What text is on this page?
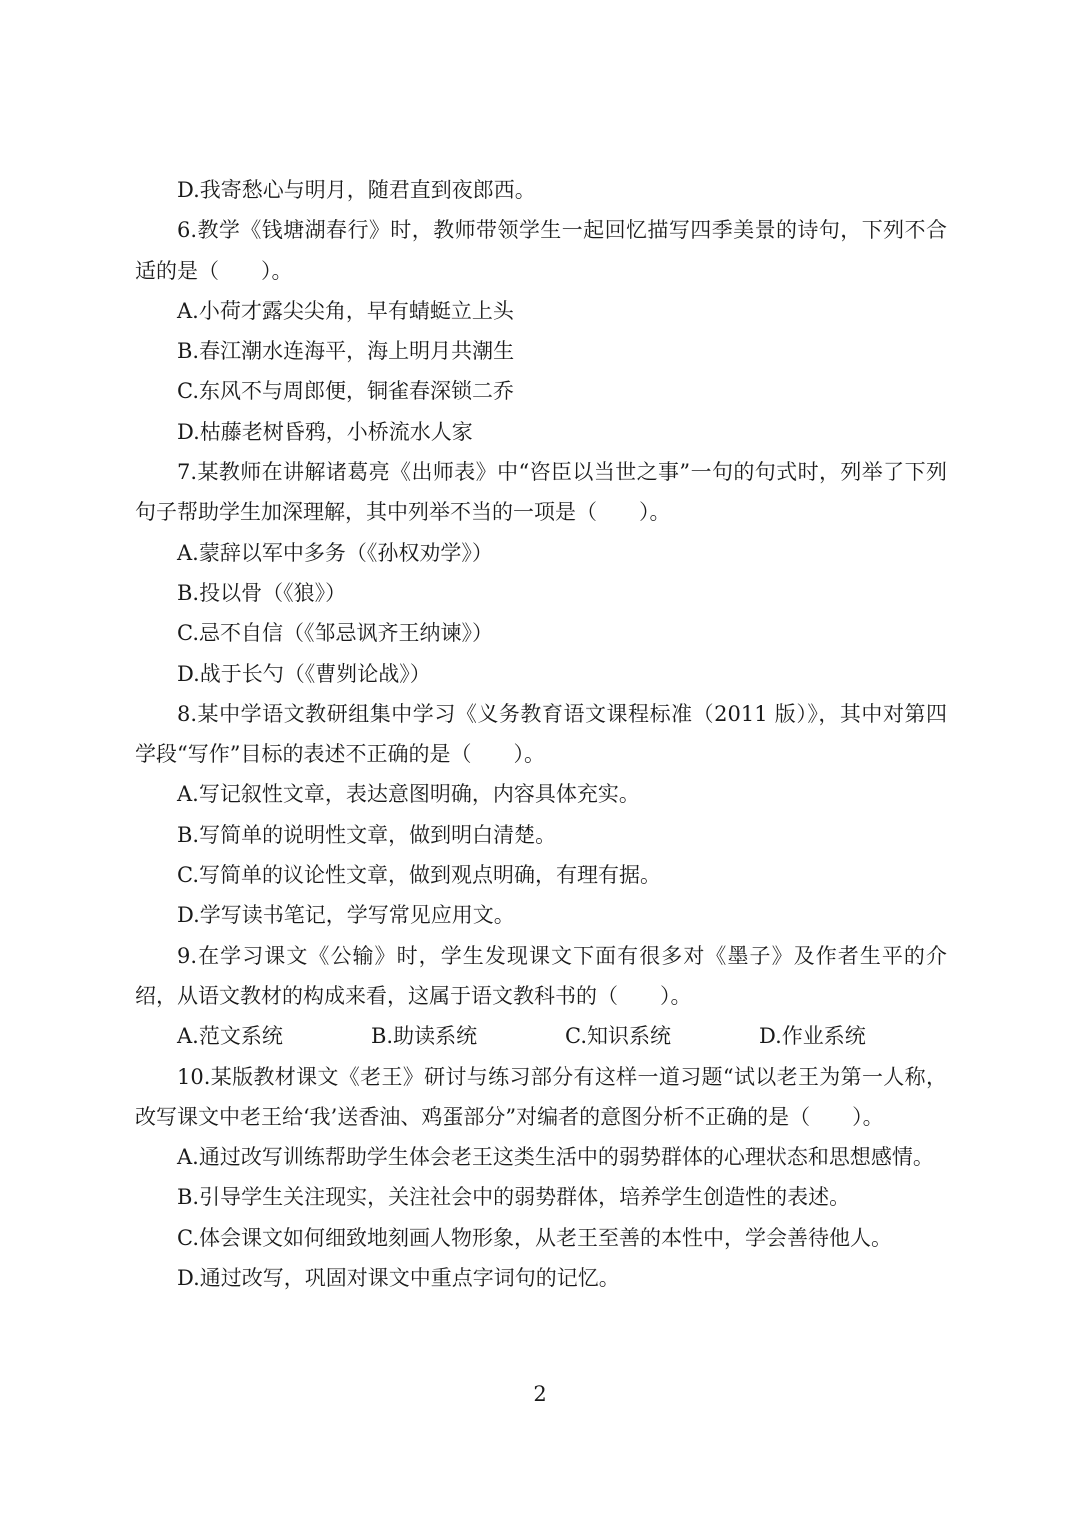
D.我寄愁心与明月，随君直到夜郎西。

6.教学《钱塘湖春行》时，教师带领学生一起回忆描写四季美景的诗句，下列不合适的是（　　）。

A.小荷才露尖尖角，早有蜻蜓立上头

B.春江潮水连海平，海上明月共潮生

C.东风不与周郎便，铜雀春深锁二乔

D.枯藤老树昏鸦，小桥流水人家

7.某教师在讲解诸葛亮《出师表》中“咨臣以当世之事”一句的句式时，列举了下列句子帮助学生加深理解，其中列举不当的一项是（　　）。

A.蒙辞以军中多务（《孙权劝学》）

B.投以骨（《狼》）

C.忌不自信（《邹忌讽齐王纳谏》）

D.战于长勺（《曹刿论战》）

8.某中学语文教研组集中学习《义务教育语文课程标准（2011 版）》，其中对第四学段“写作”目标的表述不正确的是（　　）。

A.写记叙性文章，表达意图明确，内容具体充实。

B.写简单的说明性文章，做到明白清楚。

C.写简单的议论性文章，做到观点明确，有理有据。

D.学写读书笔记，学写常见应用文。

9.在学习课文《公输》时，学生发现课文下面有很多对《墨子》及作者生平的介绍，从语文教材的构成来看，这属于语文教科书的（　　）。

A.范文系统	B.助读系统	C.知识系统	D.作业系统

10.某版教材课文《老王》研讨与练习部分有这样一道习题“试以老王为第一人称，改写课文中老王给‘我’送香油、鸡蛋部分”对编者的意图分析不正确的是（　　）。

A.通过改写训练帮助学生体会老王这类生活中的弱势群体的心理状态和思想感情。

B.引导学生关注现实，关注社会中的弱势群体，培养学生创造性的表述。

C.体会课文如何细致地刻画人物形象，从老王至善的本性中，学会善待他人。

D.通过改写，巩固对课文中重点字词句的记忆。

2
